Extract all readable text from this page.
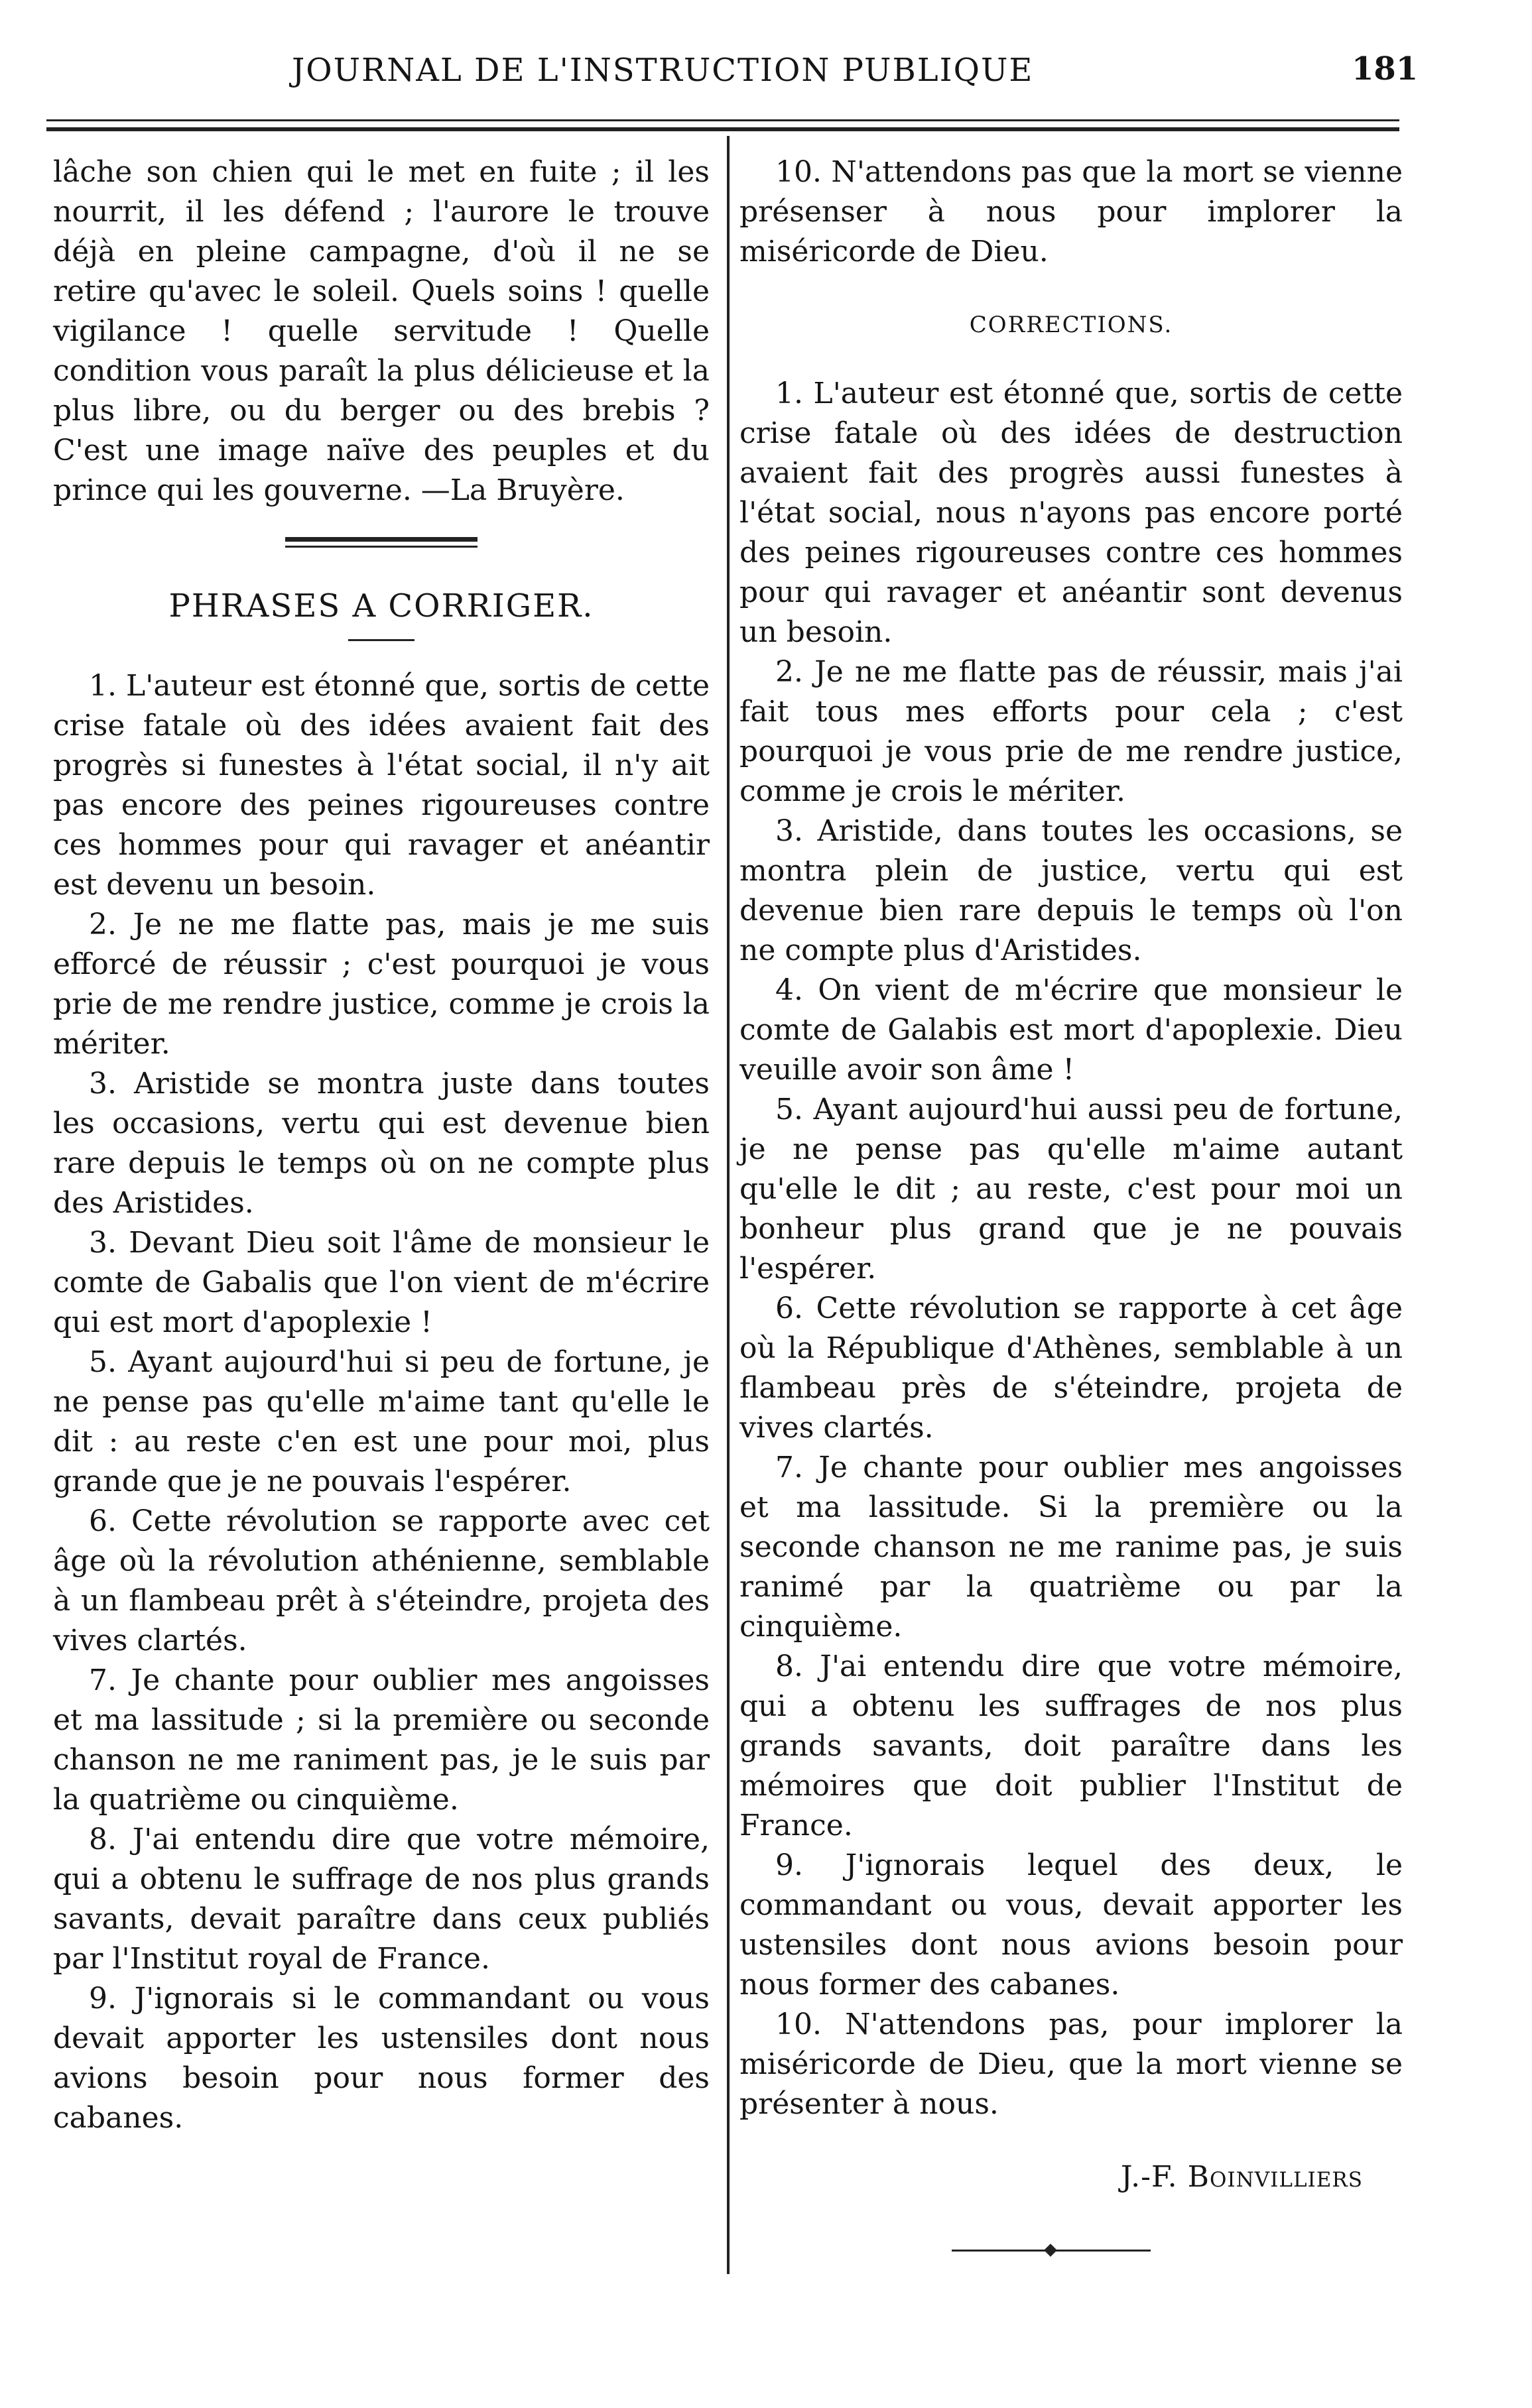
JOURNAL DE L'INSTRUCTION PUBLIQUE	181

lâche son chien qui le met en fuite ; il les nourrit, il les défend ; l'aurore le trouve déjà en pleine campagne, d'où il ne se retire qu'avec le soleil. Quels soins ! quelle vigilance ! quelle servitude ! Quelle condition vous paraît la plus délicieuse et la plus libre, ou du berger ou des brebis ? C'est une image naïve des peuples et du prince qui les gouverne. —La Bruyère.

PHRASES A CORRIGER.

1. L'auteur est étonné que, sortis de cette crise fatale où des idées avaient fait des progrès si funestes à l'état social, il n'y ait pas encore des peines rigoureuses contre ces hommes pour qui ravager et anéantir est devenu un besoin.

2. Je ne me flatte pas, mais je me suis efforcé de réussir ; c'est pourquoi je vous prie de me rendre justice, comme je crois la mériter.

3. Aristide se montra juste dans toutes les occasions, vertu qui est devenue bien rare depuis le temps où on ne compte plus des Aristides.

3. Devant Dieu soit l'âme de monsieur le comte de Gabalis que l'on vient de m'écrire qui est mort d'apoplexie !

5. Ayant aujourd'hui si peu de fortune, je ne pense pas qu'elle m'aime tant qu'elle le dit : au reste c'en est une pour moi, plus grande que je ne pouvais l'espérer.

6. Cette révolution se rapporte avec cet âge où la révolution athénienne, semblable à un flambeau prêt à s'éteindre, projeta des vives clartés.

7. Je chante pour oublier mes angoisses et ma lassitude ; si la première ou seconde chanson ne me raniment pas, je le suis par la quatrième ou cinquième.

8. J'ai entendu dire que votre mémoire, qui a obtenu le suffrage de nos plus grands savants, devait paraître dans ceux publiés par l'Institut royal de France.

9. J'ignorais si le commandant ou vous devait apporter les ustensiles dont nous avions besoin pour nous former des cabanes.

10. N'attendons pas que la mort se vienne présenser à nous pour implorer la miséricorde de Dieu.

CORRECTIONS.

1. L'auteur est étonné que, sortis de cette crise fatale où des idées de destruction avaient fait des progrès aussi funestes à l'état social, nous n'ayons pas encore porté des peines rigoureuses contre ces hommes pour qui ravager et anéantir sont devenus un besoin.

2. Je ne me flatte pas de réussir, mais j'ai fait tous mes efforts pour cela ; c'est pourquoi je vous prie de me rendre justice, comme je crois le mériter.

3. Aristide, dans toutes les occasions, se montra plein de justice, vertu qui est devenue bien rare depuis le temps où l'on ne compte plus d'Aristides.

4. On vient de m'écrire que monsieur le comte de Galabis est mort d'apoplexie. Dieu veuille avoir son âme !

5. Ayant aujourd'hui aussi peu de fortune, je ne pense pas qu'elle m'aime autant qu'elle le dit ; au reste, c'est pour moi un bonheur plus grand que je ne pouvais l'espérer.

6. Cette révolution se rapporte à cet âge où la République d'Athènes, semblable à un flambeau près de s'éteindre, projeta de vives clartés.

7. Je chante pour oublier mes angoisses et ma lassitude. Si la première ou la seconde chanson ne me ranime pas, je suis ranimé par la quatrième ou par la cinquième.

8. J'ai entendu dire que votre mémoire, qui a obtenu les suffrages de nos plus grands savants, doit paraître dans les mémoires que doit publier l'Institut de France.

9. J'ignorais lequel des deux, le commandant ou vous, devait apporter les ustensiles dont nous avions besoin pour nous former des cabanes.

10. N'attendons pas, pour implorer la miséricorde de Dieu, que la mort vienne se présenter à nous.

J.-F. Boinvilliers
